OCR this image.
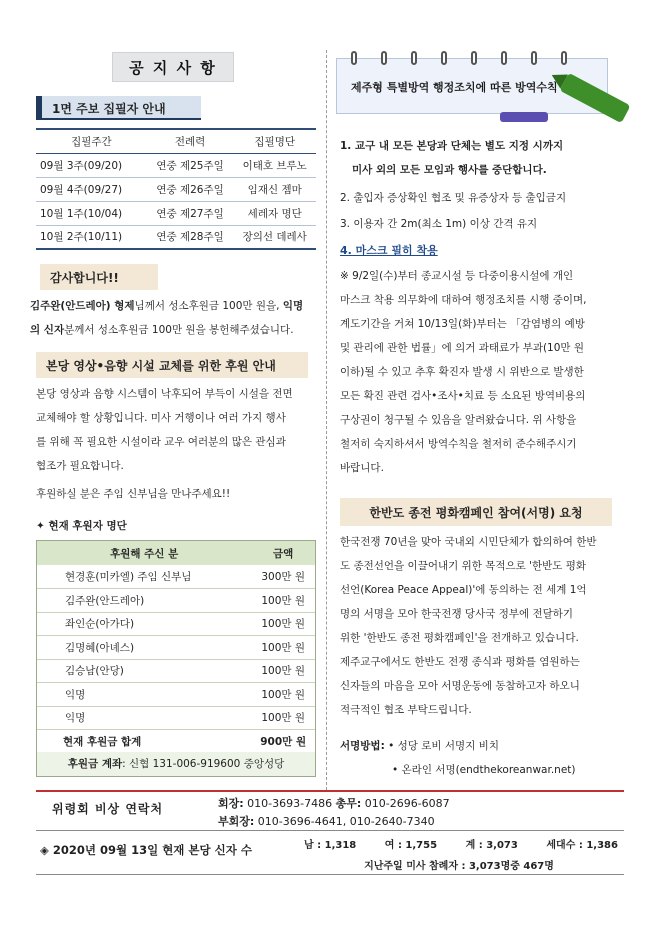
공 지 사 항
1면 주보 집필자 안내
집필주간	전례력	집필명단
09월 3주(09/20)	연중 제25주일	이태호 브루노
09월 4주(09/27)	연중 제26주일	임재신 젬마
10월 1주(10/04)	연중 제27주일	세레자 명단
10월 2주(10/11)	연중 제28주일	장의선 데레사
감사합니다!!
김주완(안드레아) 형제님께서 성소후원금 100만 원을, 익명
의 신자분께서 성소후원금 100만 원을 봉헌해주셨습니다.
본당 영상•음향 시설 교체를 위한 후원 안내
본당 영상과 음향 시스템이 낙후되어 부득이 시설을 전면
교체해야 할 상황입니다. 미사 거행이나 여러 가지 행사
를 위해 꼭 필요한 시설이라 교우 여러분의 많은 관심과
협조가 필요합니다.
후원하실 분은 주임 신부님을 만나주세요!!
✦ 현재 후원자 명단
후원해 주신 분	금액
현경훈(미카엘) 주임 신부님	300만 원
김주완(안드레아)	100만 원
좌인순(아가다)	100만 원
김명혜(아녜스)	100만 원
김승남(안당)	100만 원
익명	100만 원
익명	100만 원
현재 후원금 합계	900만 원
후원금 계좌: 신협 131-006-919600 중앙성당
제주형 특별방역 행정조치에 따른 방역수칙
1. 교구 내 모든 본당과 단체는 별도 지정 시까지
미사 외의 모든 모임과 행사를 중단합니다.
2. 출입자 증상확인 협조 및 유증상자 등 출입금지
3. 이용자 간 2m(최소 1m) 이상 간격 유지
4. 마스크 필히 착용
※ 9/2일(수)부터 종교시설 등 다중이용시설에 개인
마스크 착용 의무화에 대하여 행정조치를 시행 중이며,
계도기간을 거쳐 10/13일(화)부터는 「감염병의 예방
및 관리에 관한 법률」에 의거 과태료가 부과(10만 원
이하)될 수 있고 추후 확진자 발생 시 위반으로 발생한
모든 확진 관련 검사•조사•치료 등 소요된 방역비용의
구상권이 청구될 수 있음을 알려왔습니다. 위 사항을
철저히 숙지하셔서 방역수칙을 철저히 준수해주시기
바랍니다.
한반도 종전 평화캠페인 참여(서명) 요청
한국전쟁 70년을 맞아 국내외 시민단체가 합의하여 한반
도 종전선언을 이끌어내기 위한 목적으로 '한반도 평화
선언(Korea Peace Appeal)'에 동의하는 전 세계 1억
명의 서명을 모아 한국전쟁 당사국 정부에 전달하기
위한 '한반도 종전 평화캠페인'을 전개하고 있습니다.
제주교구에서도 한반도 전쟁 종식과 평화를 염원하는
신자들의 마음을 모아 서명운동에 동참하고자 하오니
적극적인 협조 부탁드립니다.
서명방법: • 성당 로비 서명지 비치
• 온라인 서명(endthekoreanwar.net)
위령회 비상 연락처	회장: 010-3693-7486 총무: 010-2696-6087
부회장: 010-3696-4641, 010-2640-7340
◈ 2020년 09월 13일 현재 본당 신자 수	남 : 1,318	여 : 1,755	계 : 3,073	세대수 : 1,386
지난주일 미사 참례자 : 3,073명중 467명
